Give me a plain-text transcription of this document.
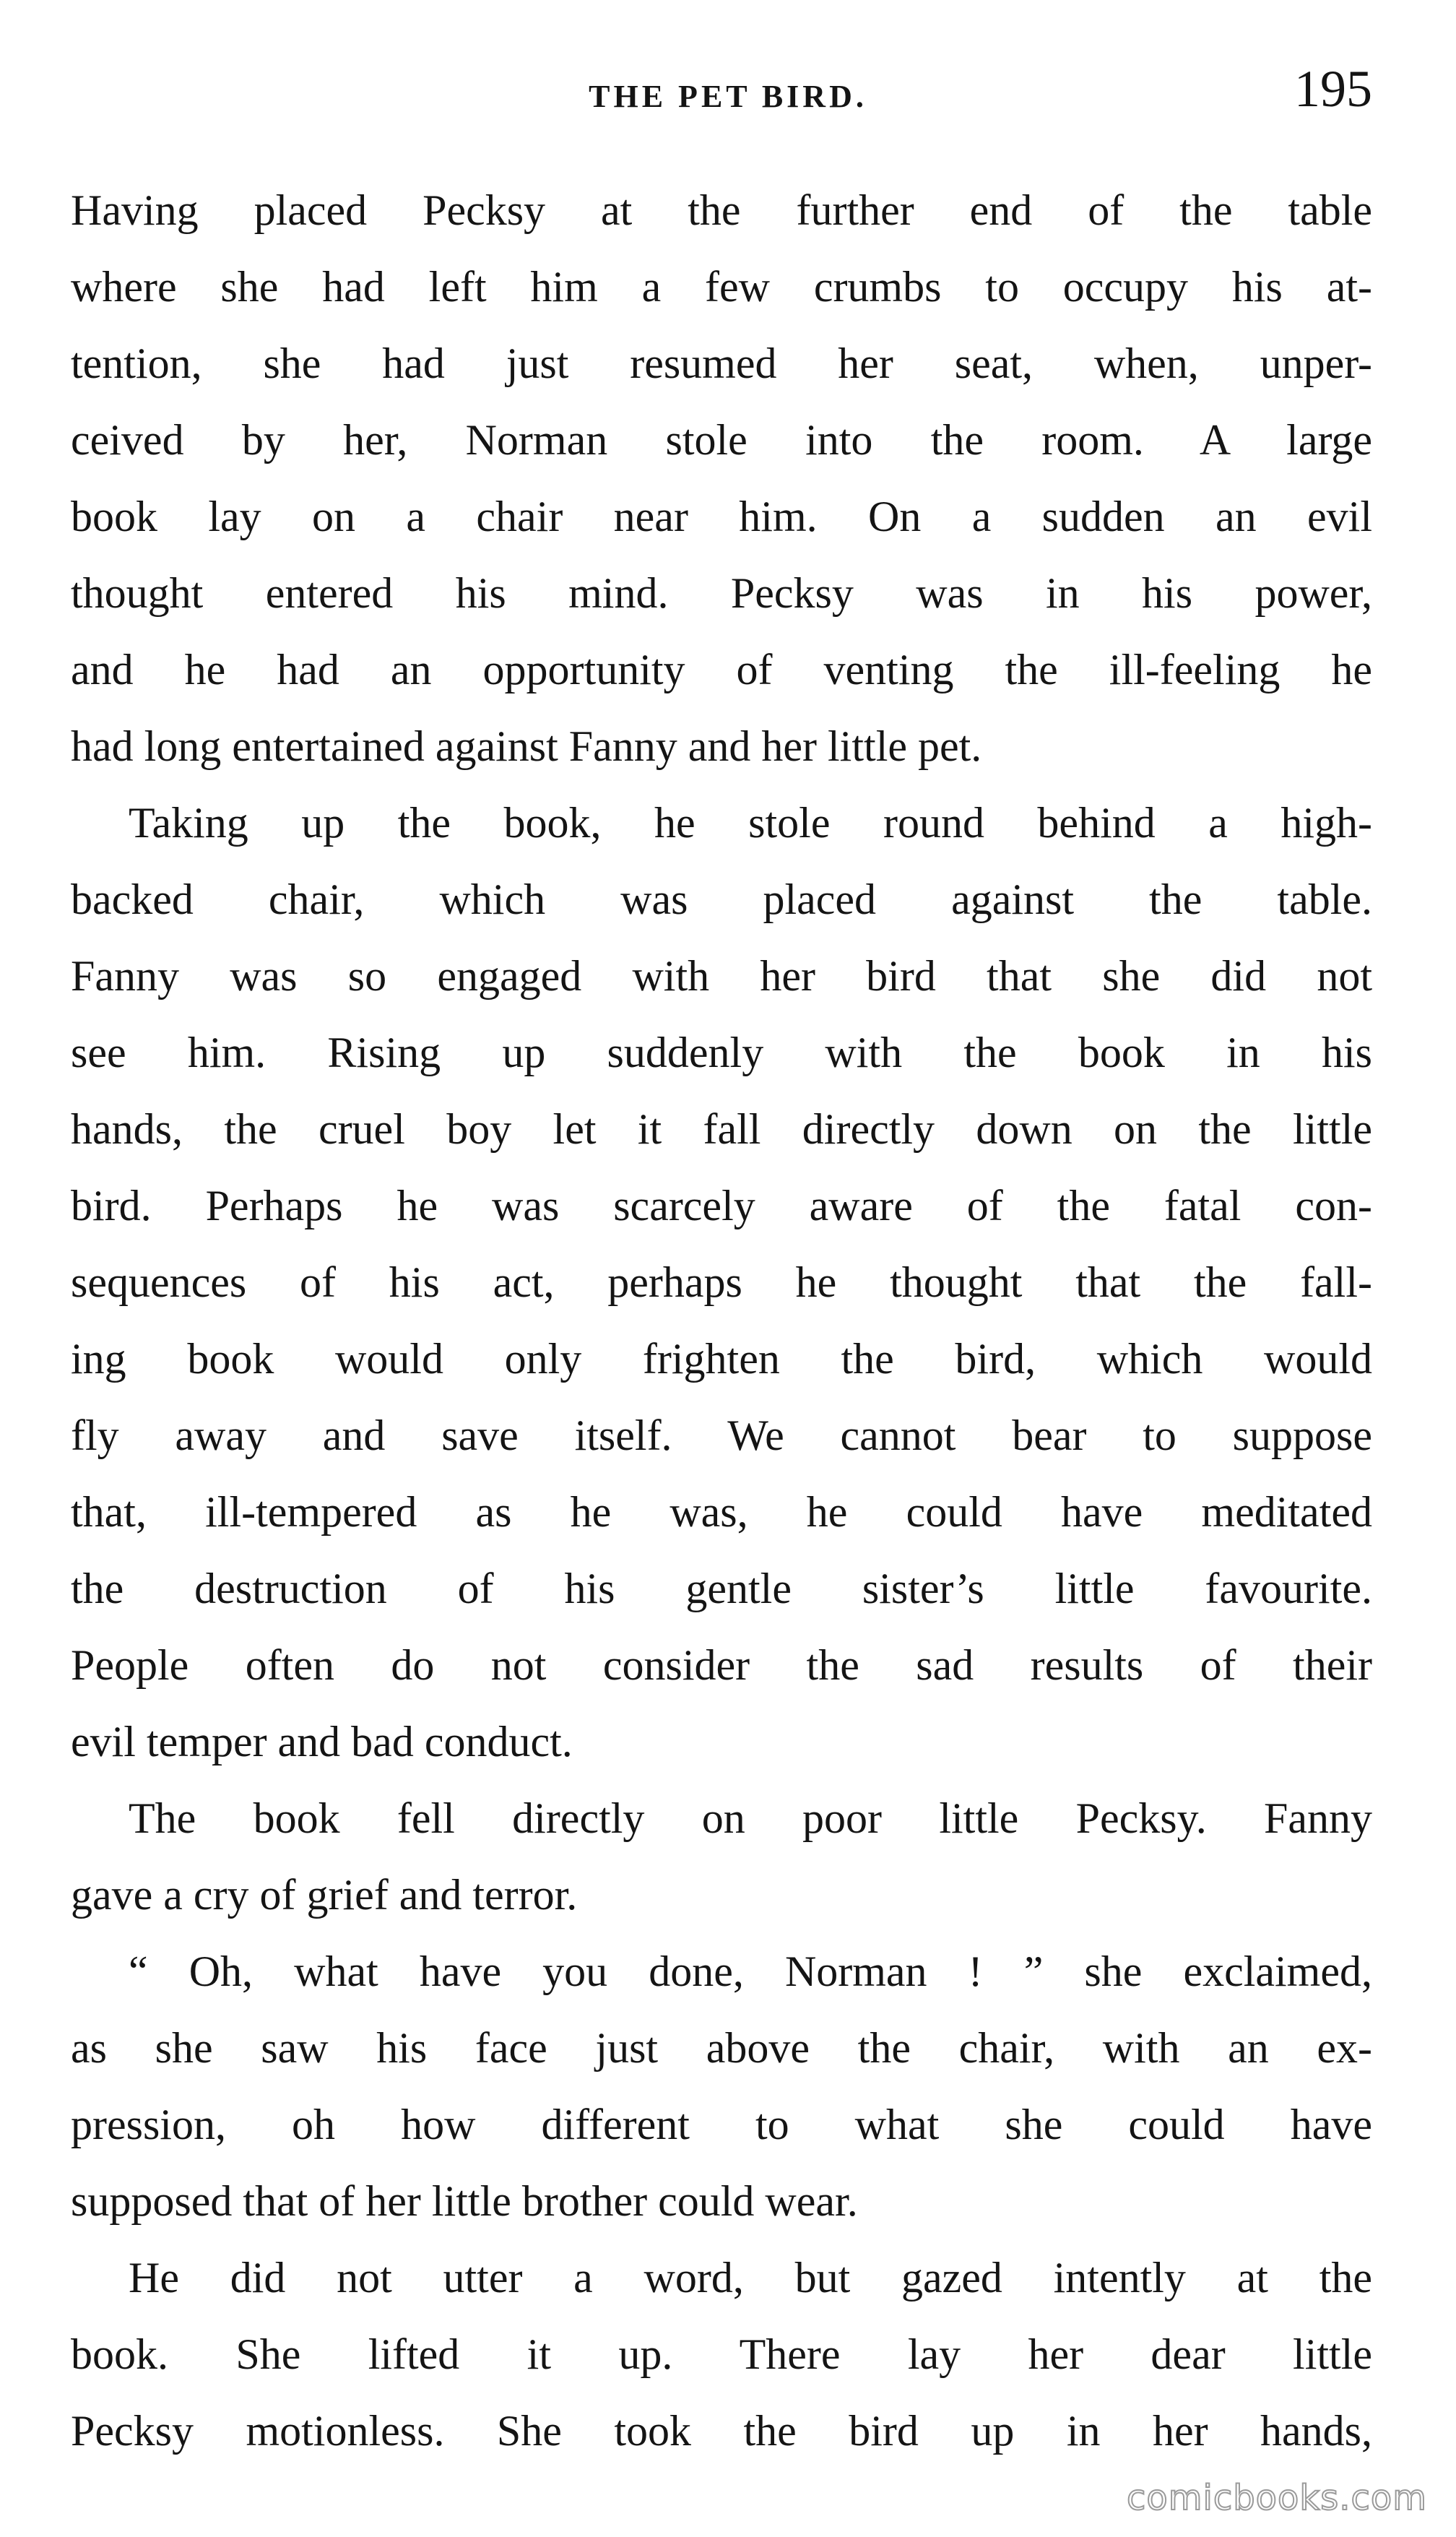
THE PET BIRD.	195
Having placed Pecksy at the further end of the table
where she had left him a few crumbs to occupy his at-
tention, she had just resumed her seat, when, unper-
ceived by her, Norman stole into the room. A large
book lay on a chair near him. On a sudden an evil
thought entered his mind. Pecksy was in his power,
and he had an opportunity of venting the ill-feeling he
had long entertained against Fanny and her little pet.
Taking up the book, he stole round behind a high-
backed chair, which was placed against the table.
Fanny was so engaged with her bird that she did not
see him. Rising up suddenly with the book in his
hands, the cruel boy let it fall directly down on the little
bird. Perhaps he was scarcely aware of the fatal con-
sequences of his act, perhaps he thought that the fall-
ing book would only frighten the bird, which would
fly away and save itself. We cannot bear to suppose
that, ill-tempered as he was, he could have meditated
the destruction of his gentle sister’s little favourite.
People often do not consider the sad results of their
evil temper and bad conduct.
The book fell directly on poor little Pecksy. Fanny
gave a cry of grief and terror.
“ Oh, what have you done, Norman ! ” she exclaimed,
as she saw his face just above the chair, with an ex-
pression, oh how different to what she could have
supposed that of her little brother could wear.
He did not utter a word, but gazed intently at the
book. She lifted it up. There lay her dear little
Pecksy motionless. She took the bird up in her hands,
comicbooks.com
